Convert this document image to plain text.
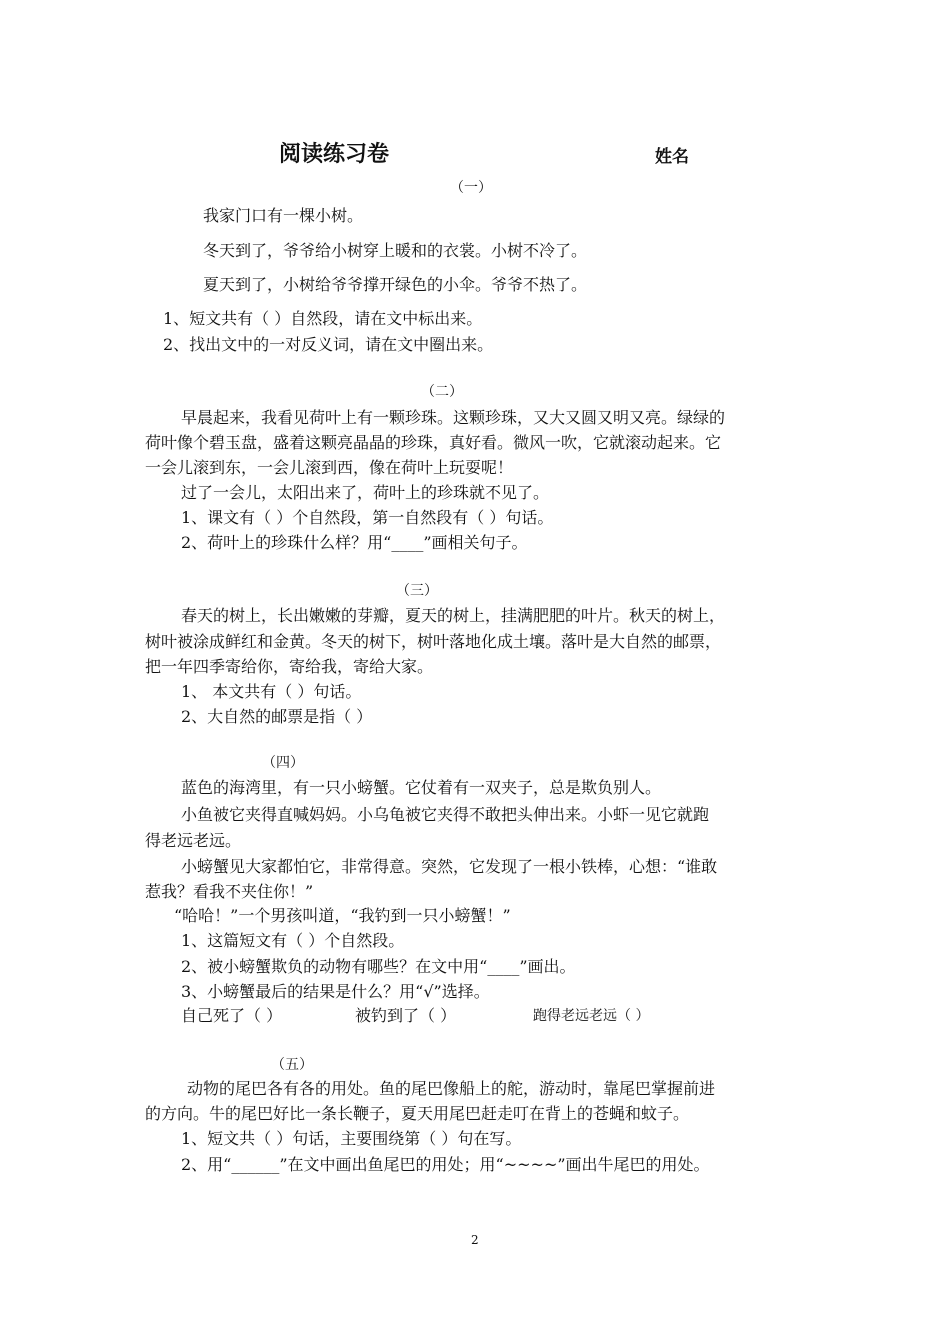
阅读练习卷	姓名
（一）
我家门口有一棵小树。
冬天到了，爷爷给小树穿上暖和的衣裳。小树不冷了。
夏天到了，小树给爷爷撑开绿色的小伞。爷爷不热了。
1、短文共有（ ）自然段，请在文中标出来。
2、找出文中的一对反义词，请在文中圈出来。
（二）
早晨起来，我看见荷叶上有一颗珍珠。这颗珍珠，又大又圆又明又亮。绿绿的
荷叶像个碧玉盘，盛着这颗亮晶晶的珍珠，真好看。微风一吹，它就滚动起来。它
一会儿滚到东，一会儿滚到西，像在荷叶上玩耍呢！
过了一会儿，太阳出来了，荷叶上的珍珠就不见了。
1、课文有（ ）个自然段，第一自然段有（ ）句话。
2、荷叶上的珍珠什么样？用“____”画相关句子。
（三）
春天的树上，长出嫩嫩的芽瓣，夏天的树上，挂满肥肥的叶片。秋天的树上，
树叶被涂成鲜红和金黄。冬天的树下，树叶落地化成土壤。落叶是大自然的邮票，
把一年四季寄给你，寄给我，寄给大家。
1、 本文共有（ ）句话。
2、大自然的邮票是指（ ）
（四）
蓝色的海湾里，有一只小螃蟹。它仗着有一双夹子，总是欺负别人。
小鱼被它夹得直喊妈妈。小乌龟被它夹得不敢把头伸出来。小虾一见它就跑
得老远老远。
小螃蟹见大家都怕它，非常得意。突然，它发现了一根小铁棒，心想：“谁敢
惹我？看我不夹住你！”
“哈哈！”一个男孩叫道，“我钓到一只小螃蟹！”
1、这篇短文有（ ）个自然段。
2、被小螃蟹欺负的动物有哪些？在文中用“____”画出。
3、小螃蟹最后的结果是什么？用“√”选择。
自己死了（ ）	被钓到了（ ）	跑得老远老远（ ）
（五）
动物的尾巴各有各的用处。鱼的尾巴像船上的舵，游动时，靠尾巴掌握前进
的方向。牛的尾巴好比一条长鞭子，夏天用尾巴赶走叮在背上的苍蝇和蚊子。
1、短文共（ ）句话，主要围绕第（ ）句在写。
2、用“______”在文中画出鱼尾巴的用处；用“~~~~”画出牛尾巴的用处。
2
